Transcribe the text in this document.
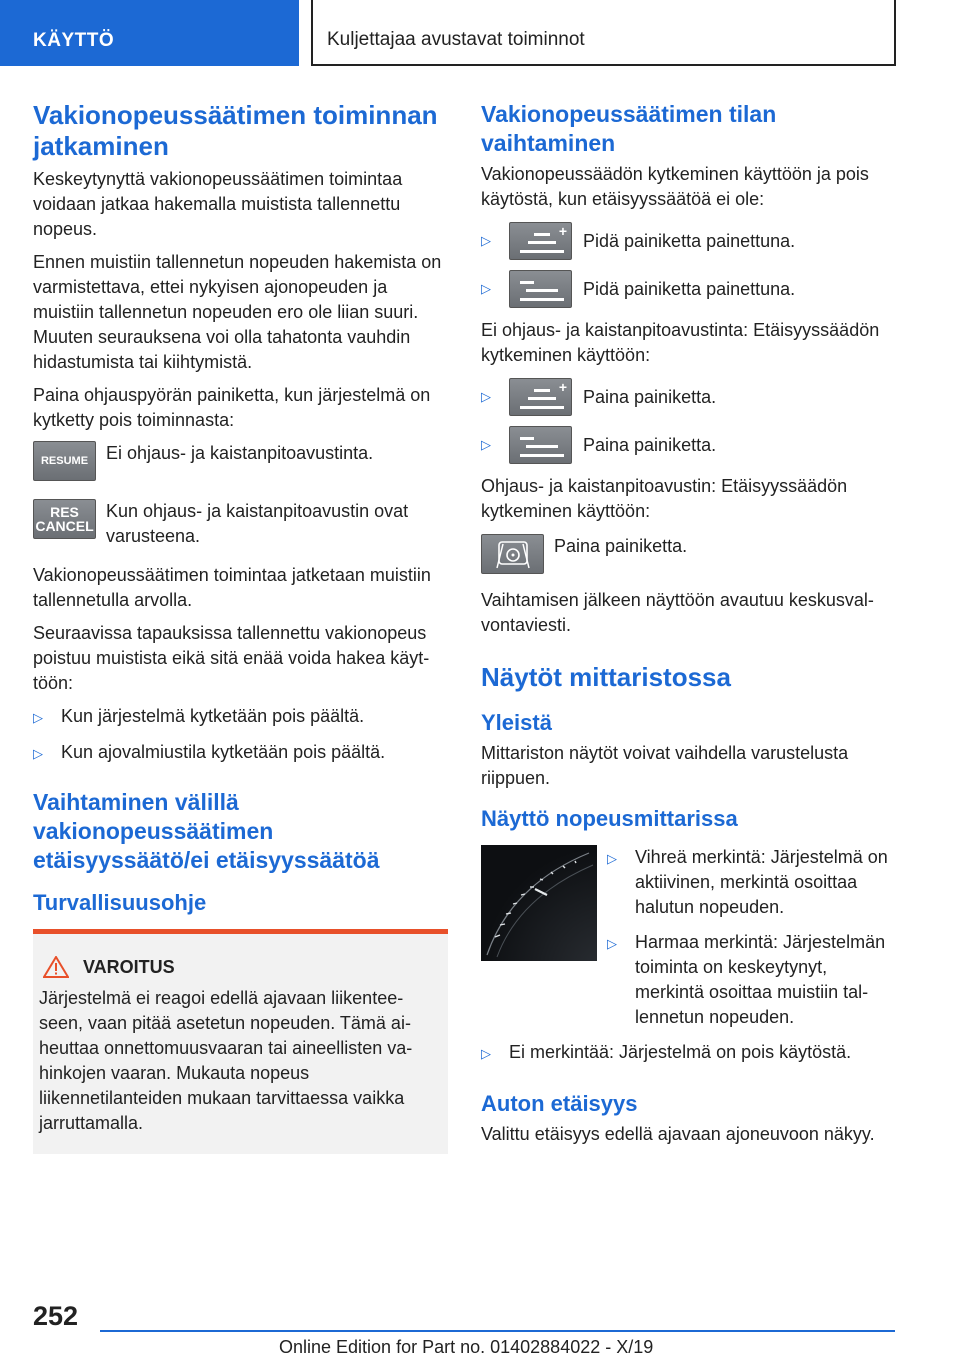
KÄYTTÖ	Kuljettajaa avustavat toiminnot
Vakionopeussäätimen toiminnan jatkaminen

Keskeytynyttä vakionopeussäätimen toimintaa voidaan jatkaa hakemalla muistista tallennettu nopeus.

Ennen muistiin tallennetun nopeuden hakemista on varmistettava, ettei nykyisen ajonopeuden ja muistiin tallennetun nopeuden ero ole liian suuri. Muuten seurauksena voi olla tahatonta vauhdin hidastumista tai kiihtymistä.

Paina ohjauspyörän painiketta, kun järjestelmä on kytketty pois toiminnasta:

RESUME Ei ohjaus- ja kaistanpitoavustinta.
RES
CANCEL
Kun ohjaus- ja kaistanpitoavustin ovat varusteena.

Vakionopeussäätimen toimintaa jatketaan muistiin tallennetulla arvolla.

Seuraavissa tapauksissa tallennettu vakionopeus poistuu muistista eikä sitä enää voida hakea käyttöön:

▷	Kun järjestelmä kytketään pois päältä.
▷	Kun ajovalmiustila kytketään pois päältä.
Vaihtaminen välillä vakionopeussäätimen etäisyyssäätö/ei etäisyyssäätöä
Turvallisuusohje
VAROITUS

Järjestelmä ei reagoi edellä ajavaan liikenteeseen, vaan pitää asetetun nopeuden. Tämä aiheuttaa onnettomuusvaaran tai aineellisten vahinkojen vaaran. Mukauta nopeus liikennetilanteiden mukaan tarvittaessa vaikka jarruttamalla.

Vakionopeussäätimen tilan vaihtaminen

Vakionopeussäädön kytkeminen käyttöön ja pois käytöstä, kun etäisyyssäätöä ei ole:

▷
+ Pidä painiketta painettuna.
▷	Pidä painiketta painettuna.

Ei ohjaus- ja kaistanpitoavustinta: Etäisyyssäädön kytkeminen käyttöön:

▷
+ Paina painiketta.
▷	Paina painiketta.

Ohjaus- ja kaistanpitoavustin: Etäisyyssäädön kytkeminen käyttöön:

Paina painiketta.

Vaihtamisen jälkeen näyttöön avautuu keskusvalvontaviesti.

Näytöt mittaristossa
Yleistä

Mittariston näytöt voivat vaihdella varustelusta riippuen.

Näyttö nopeusmittarissa
▷	Vihreä merkintä: Järjestelmä on aktiivinen, merkintä osoittaa halutun nopeuden.
▷	Harmaa merkintä: Järjestelmän toiminta on keskeytynyt, merkintä osoittaa muistiin tallennetun nopeuden.
▷	Ei merkintää: Järjestelmä on pois käytöstä.
Auton etäisyys

Valittu etäisyys edellä ajavaan ajoneuvoon näkyy.

252
Online Edition for Part no. 01402884022 - X/19
